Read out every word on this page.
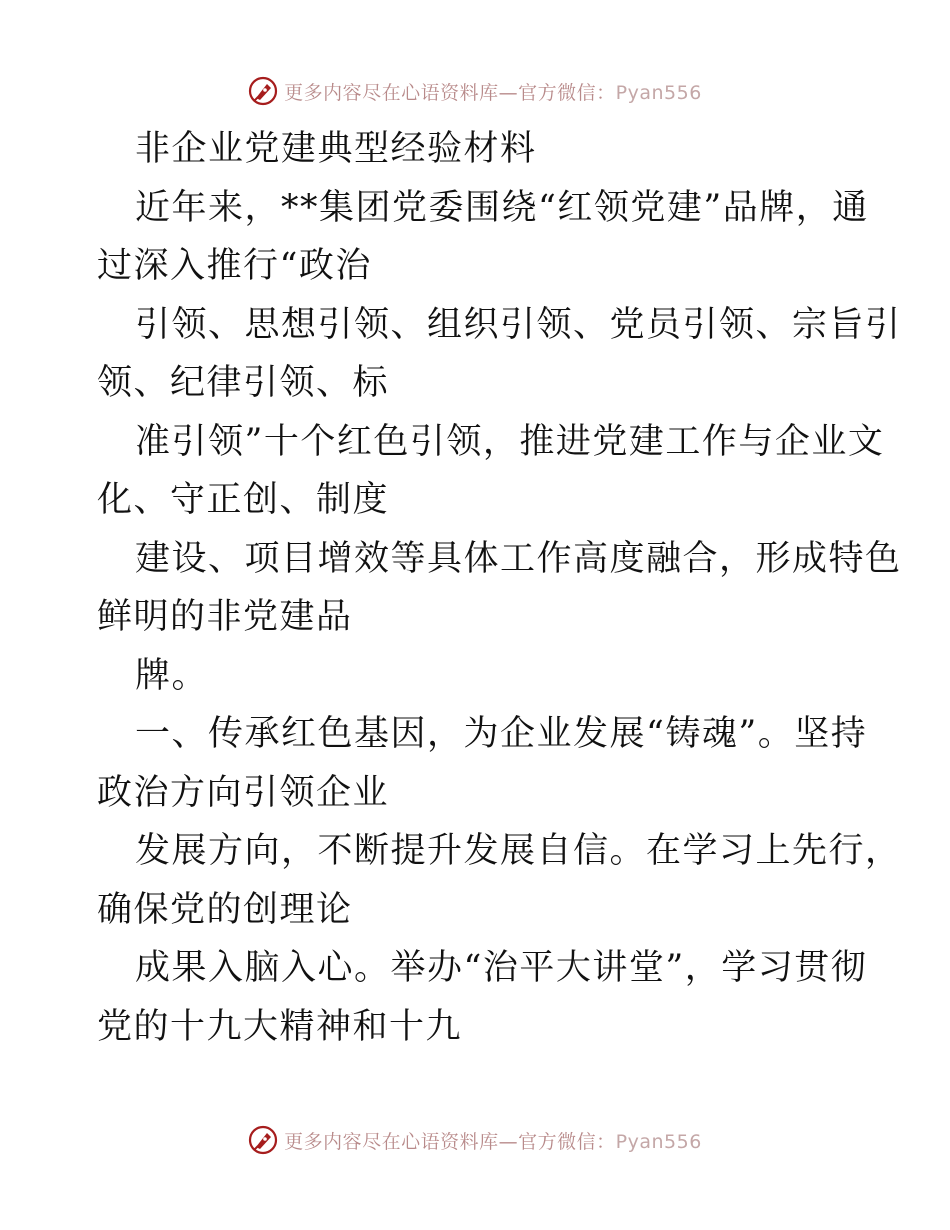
更多内容尽在心语资料库—官方微信：Pyan556

非企业党建典型经验材料

近年来，**集团党委围绕“红领党建”品牌，通
过深入推行“政治

引领、思想引领、组织引领、党员引领、宗旨引
领、纪律引领、标

准引领”十个红色引领，推进党建工作与企业文
化、守正创、制度

建设、项目增效等具体工作高度融合，形成特色
鲜明的非党建品

牌。

一、传承红色基因，为企业发展“铸魂”。坚持
政治方向引领企业

发展方向，不断提升发展自信。在学习上先行，
确保党的创理论

成果入脑入心。举办“治平大讲堂”，学习贯彻
党的十九大精神和十九

更多内容尽在心语资料库—官方微信：Pyan556
